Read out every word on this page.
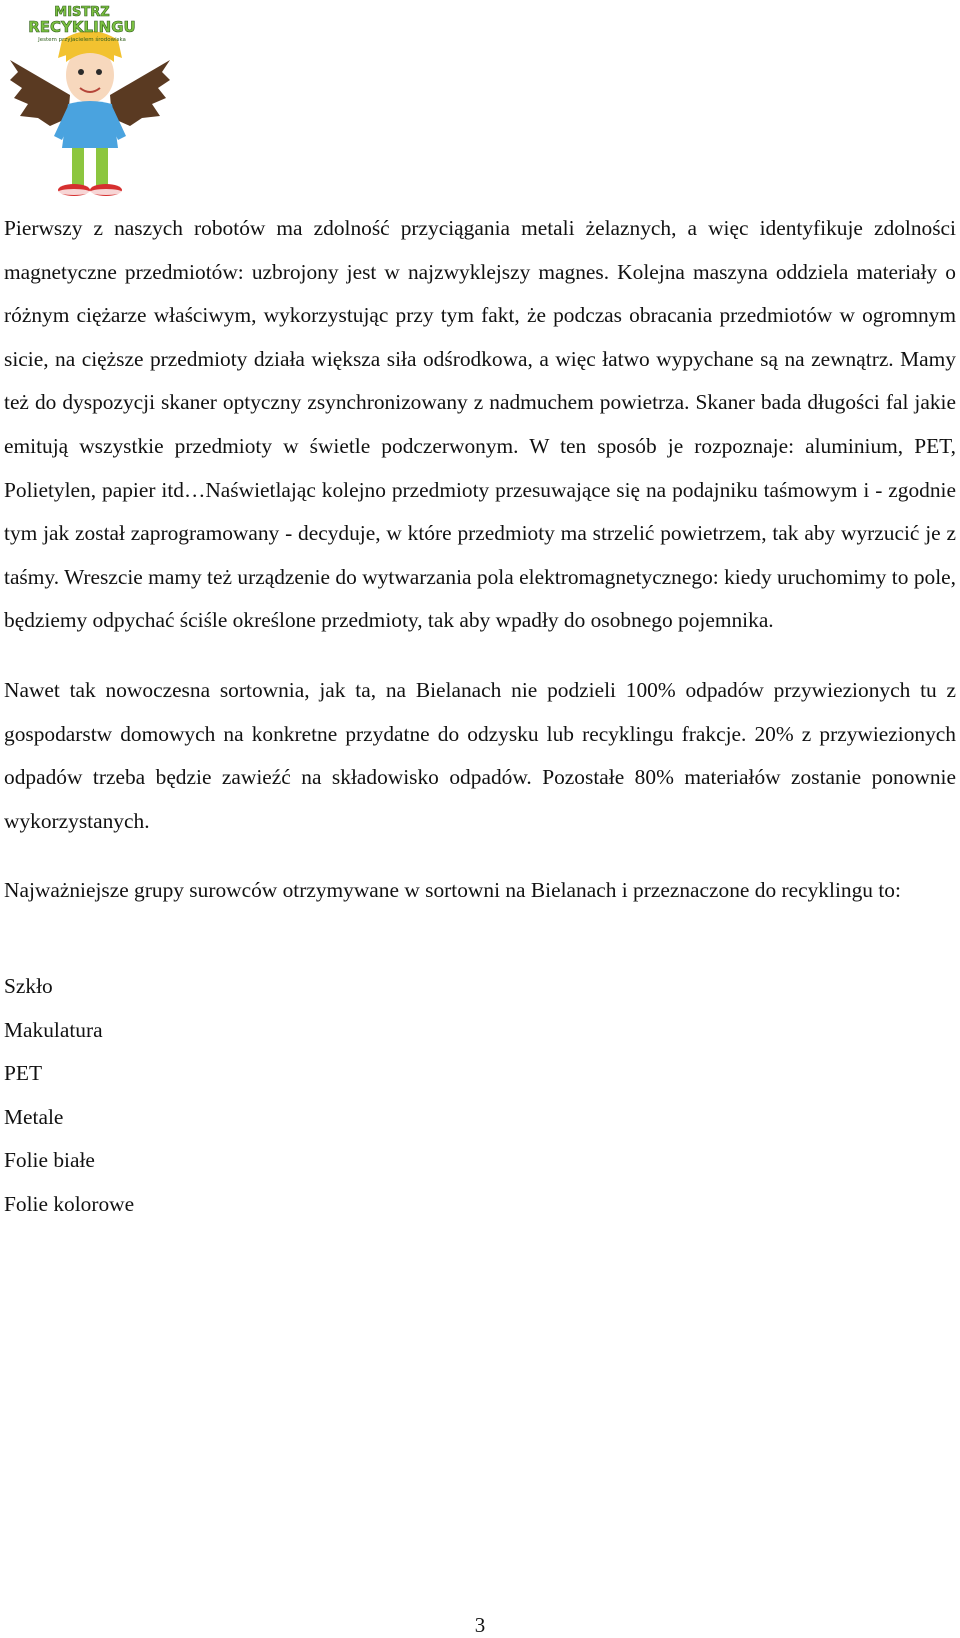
MISTRZ
RECYKLINGU
Jestem przyjacielem środowiska

Pierwszy z naszych robotów ma zdolność przyciągania metali żelaznych, a więc identyfikuje zdolności magnetyczne przedmiotów: uzbrojony jest w najzwyklejszy magnes. Kolejna maszyna oddziela materiały o różnym ciężarze właściwym, wykorzystując przy tym fakt, że podczas obracania przedmiotów w ogromnym sicie, na cięższe przedmioty działa większa siła odśrodkowa, a więc łatwo wypychane są na zewnątrz. Mamy też do dyspozycji skaner optyczny zsynchronizowany z nadmuchem powietrza. Skaner bada długości fal jakie emitują wszystkie przedmioty w świetle podczerwonym. W ten sposób je rozpoznaje: aluminium, PET, Polietylen, papier itd…Naświetlając kolejno przedmioty przesuwające się na podajniku taśmowym i - zgodnie tym jak został zaprogramowany - decyduje, w które przedmioty ma strzelić powietrzem, tak aby wyrzucić je z taśmy. Wreszcie mamy też urządzenie do wytwarzania pola elektromagnetycznego: kiedy uruchomimy to pole, będziemy odpychać ściśle określone przedmioty, tak aby wpadły do osobnego pojemnika.

Nawet tak nowoczesna sortownia, jak ta, na Bielanach nie podzieli 100% odpadów przywiezionych tu z gospodarstw domowych na konkretne przydatne do odzysku lub recyklingu frakcje. 20% z przywiezionych odpadów trzeba będzie zawieźć na składowisko odpadów. Pozostałe 80% materiałów zostanie ponownie wykorzystanych.

Najważniejsze grupy surowców otrzymywane w sortowni na Bielanach i przeznaczone do recyklingu to:

Szkło
Makulatura
PET
Metale
Folie białe
Folie kolorowe
3
